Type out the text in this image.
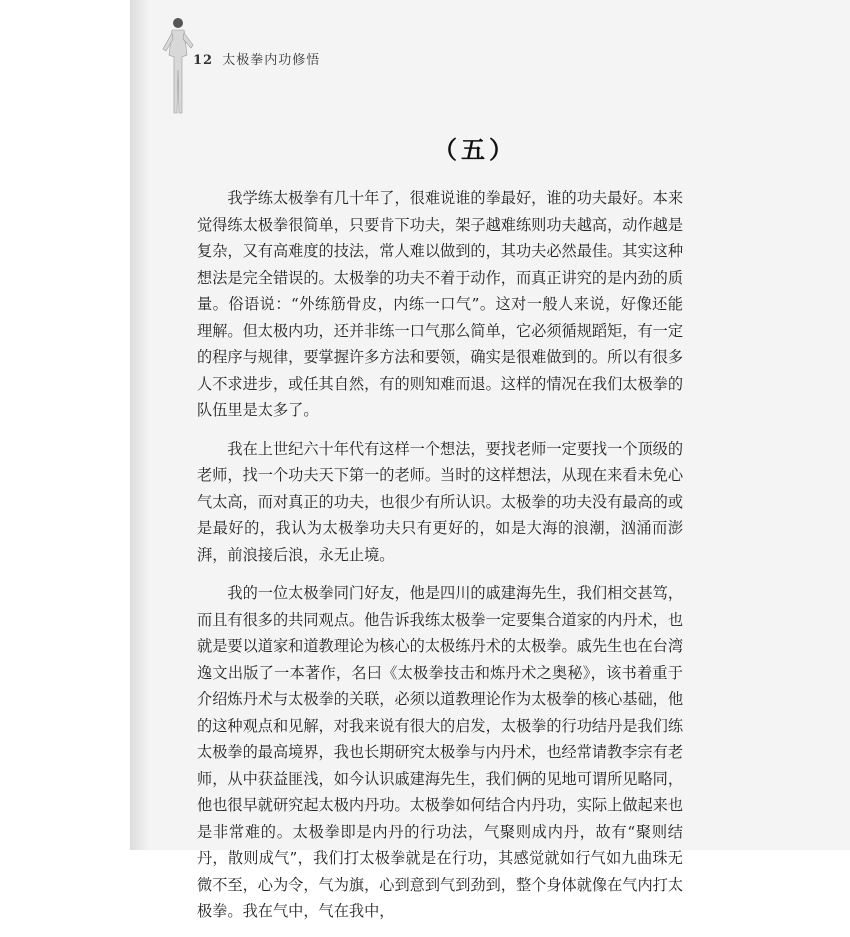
12 太极拳内功修悟
（五）

我学练太极拳有几十年了，很难说谁的拳最好，谁的功夫最好。本来觉得练太极拳很简单，只要肯下功夫，架子越难练则功夫越高，动作越是复杂，又有高难度的技法，常人难以做到的，其功夫必然最佳。其实这种想法是完全错误的。太极拳的功夫不着于动作，而真正讲究的是内劲的质量。俗语说：“外练筋骨皮，内练一口气”。这对一般人来说，好像还能理解。但太极内功，还并非练一口气那么简单，它必须循规蹈矩，有一定的程序与规律，要掌握许多方法和要领，确实是很难做到的。所以有很多人不求进步，或任其自然，有的则知难而退。这样的情况在我们太极拳的队伍里是太多了。

我在上世纪六十年代有这样一个想法，要找老师一定要找一个顶级的老师，找一个功夫天下第一的老师。当时的这样想法，从现在来看未免心气太高，而对真正的功夫，也很少有所认识。太极拳的功夫没有最高的或是最好的，我认为太极拳功夫只有更好的，如是大海的浪潮，汹涌而澎湃，前浪接后浪，永无止境。

我的一位太极拳同门好友，他是四川的戚建海先生，我们相交甚笃，而且有很多的共同观点。他告诉我练太极拳一定要集合道家的内丹术，也就是要以道家和道教理论为核心的太极练丹术的太极拳。戚先生也在台湾逸文出版了一本著作，名曰《太极拳技击和炼丹术之奥秘》，该书着重于介绍炼丹术与太极拳的关联，必须以道教理论作为太极拳的核心基础，他的这种观点和见解，对我来说有很大的启发，太极拳的行功结丹是我们练太极拳的最高境界，我也长期研究太极拳与内丹术，也经常请教李宗有老师，从中获益匪浅，如今认识戚建海先生，我们俩的见地可谓所见略同，他也很早就研究起太极内丹功。太极拳如何结合内丹功，实际上做起来也是非常难的。太极拳即是内丹的行功法，气聚则成内丹，故有“聚则结丹，散则成气”，我们打太极拳就是在行功，其感觉就如行气如九曲珠无微不至，心为令，气为旗，心到意到气到劲到，整个身体就像在气内打太极拳。我在气中，气在我中，
